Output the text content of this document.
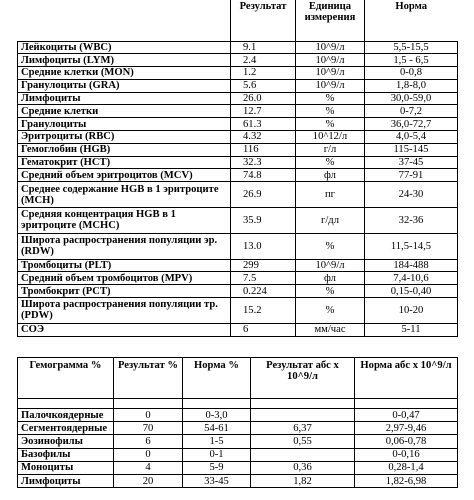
	Результат	Единица измерения	Норма
Лейкоциты (WBC)	9.1	10^9/л	5,5-15,5
Лимфоциты (LYM)	2.4	10^9/л	1,5 - 6,5
Средние клетки (MON)	1.2	10^9/л	0-0,8
Гранулоциты (GRA)	5.6	10^9/л	1,8-8,0
Лимфоциты	26.0	%	30,0-59,0
Средние клетки	12.7	%	0-7,2
Гранулоциты	61.3	%	36,0-72,7
Эритроциты (RBC)	4.32	10^12/л	4,0-5,4
Гемоглобин (HGB)	116	г/л	115-145
Гематокрит (HCT)	32.3	%	37-45
Средний объем эритроцитов (MCV)	74.8	фл	77-91
Среднее содержание HGB в 1 эритроците (MCH)	26.9	пг	24-30
Средняя концентрация HGB в 1 эритроците (MCHC)	35.9	г/дл	32-36
Широта распространения популяции эр. (RDW)	13.0	%	11,5-14,5
Тромбоциты (PLT)	299	10^9/л	184-488
Средний объем тромбоцитов (MPV)	7.5	фл	7,4-10,6
Тромбокрит (PCT)	0.224	%	0,15-0,40
Широта распространения популяции тр. (PDW)	15.2	%	10-20
СОЭ	6	мм/час	5-11
Гемограмма %	Результат %	Норма %	Результат абс x 10^9/л	Норма абс x 10^9/л

Палочкоядерные	0	0-3,0		0-0,47
Сегментоядерные	70	54-61	6,37	2,97-9,46
Эозинофилы	6	1-5	0,55	0,06-0,78
Базофилы	0	0-1		0-0,16
Моноциты	4	5-9	0,36	0,28-1,4
Лимфоциты	20	33-45	1,82	1,82-6,98
